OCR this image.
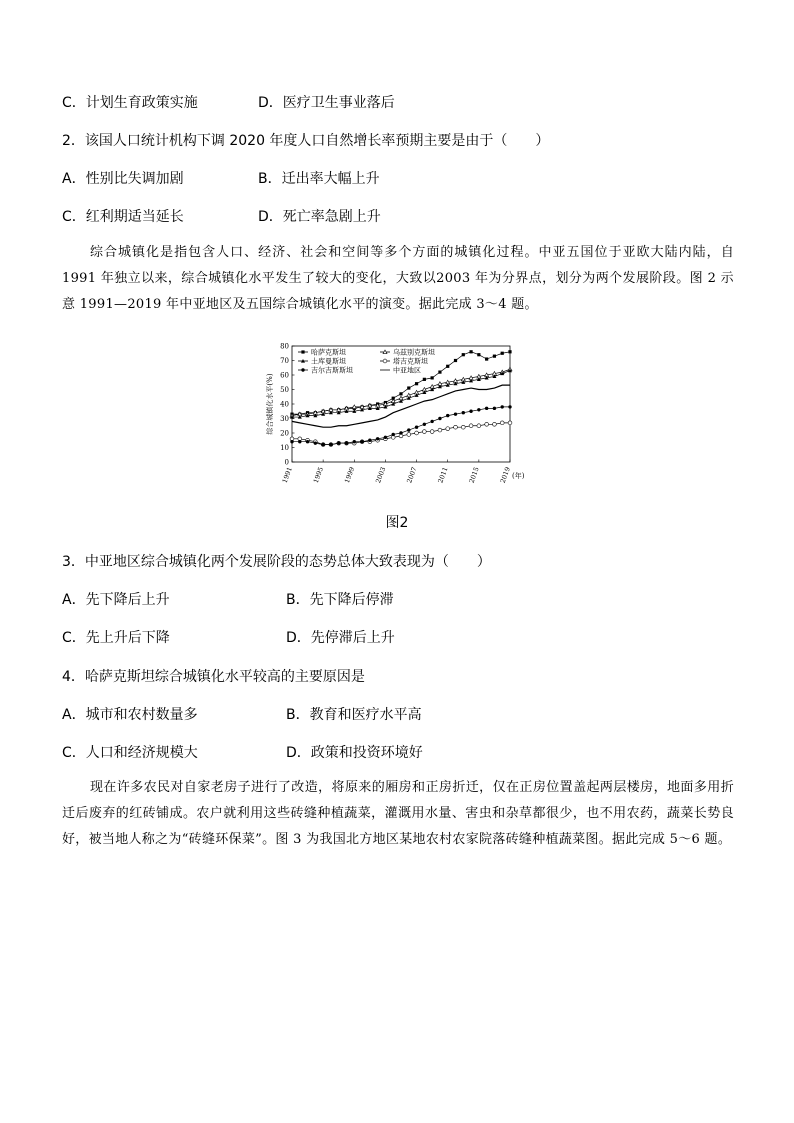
C．计划生育政策实施	D．医疗卫生事业落后
2．该国人口统计机构下调 2020 年度人口自然增长率预期主要是由于（　　）
A．性别比失调加剧	B．迁出率大幅上升
C．红利期适当延长	D．死亡率急剧上升
综合城镇化是指包含人口、经济、社会和空间等多个方面的城镇化过程。中亚五国位于亚欧大陆内陆，自 1991 年独立以来，综合城镇化水平发生了较大的变化，大致以2003 年为分界点，划分为两个发展阶段。图 2 示意 1991—2019 年中亚地区及五国综合城镇化水平的演变。据此完成 3～4 题。
综合城镇化水平(%)
(年)
0
10
20
30
40
50
60
70
80
1991	1995	1999	2003	2007	2011	2015	2019
哈萨克斯坦	乌兹别克斯坦
土库曼斯坦	塔吉克斯坦
吉尔吉斯斯坦	中亚地区
图2
3．中亚地区综合城镇化两个发展阶段的态势总体大致表现为（　　）
A．先下降后上升	B．先下降后停滞
C．先上升后下降	D．先停滞后上升
4．哈萨克斯坦综合城镇化水平较高的主要原因是
A．城市和农村数量多	B．教育和医疗水平高
C．人口和经济规模大	D．政策和投资环境好
现在许多农民对自家老房子进行了改造，将原来的厢房和正房折迁，仅在正房位置盖起两层楼房，地面多用折迁后废弃的红砖铺成。农户就利用这些砖缝种植蔬菜，灌溉用水量、害虫和杂草都很少，也不用农药，蔬菜长势良好，被当地人称之为“砖缝环保菜”。图 3 为我国北方地区某地农村农家院落砖缝种植蔬菜图。据此完成 5～6 题。
